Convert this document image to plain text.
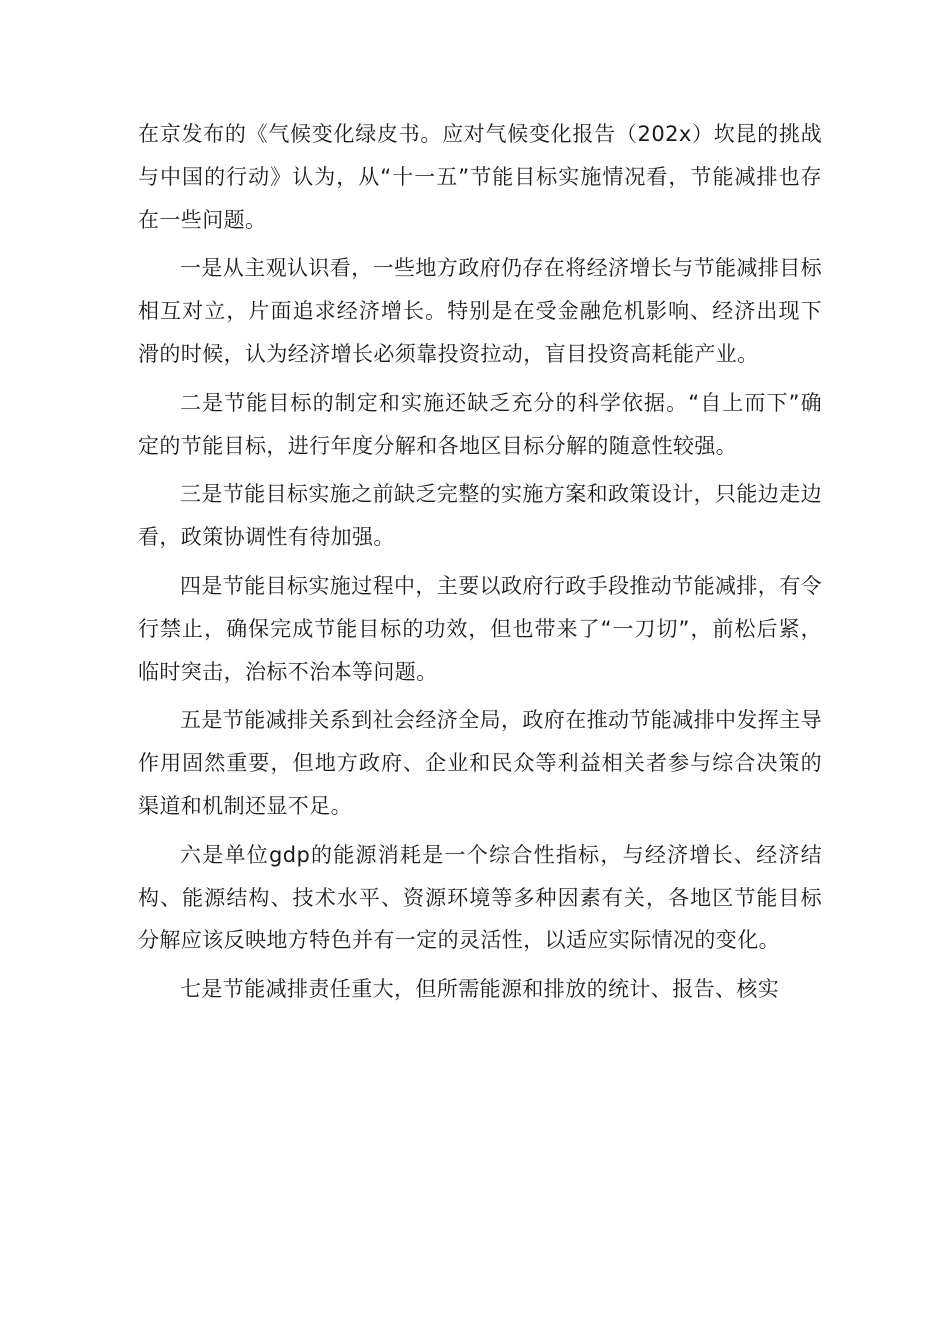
在京发布的《气候变化绿皮书。应对气候变化报告（202x）坎昆的挑战与中国的行动》认为，从“十一五”节能目标实施情况看，节能减排也存在一些问题。

一是从主观认识看，一些地方政府仍存在将经济增长与节能减排目标相互对立，片面追求经济增长。特别是在受金融危机影响、经济出现下滑的时候，认为经济增长必须靠投资拉动，盲目投资高耗能产业。

二是节能目标的制定和实施还缺乏充分的科学依据。“自上而下”确定的节能目标，进行年度分解和各地区目标分解的随意性较强。

三是节能目标实施之前缺乏完整的实施方案和政策设计，只能边走边看，政策协调性有待加强。

四是节能目标实施过程中，主要以政府行政手段推动节能减排，有令行禁止，确保完成节能目标的功效，但也带来了“一刀切”，前松后紧，临时突击，治标不治本等问题。

五是节能减排关系到社会经济全局，政府在推动节能减排中发挥主导作用固然重要，但地方政府、企业和民众等利益相关者参与综合决策的渠道和机制还显不足。

六是单位gdp的能源消耗是一个综合性指标，与经济增长、经济结构、能源结构、技术水平、资源环境等多种因素有关，各地区节能目标分解应该反映地方特色并有一定的灵活性，以适应实际情况的变化。

七是节能减排责任重大，但所需能源和排放的统计、报告、核实
